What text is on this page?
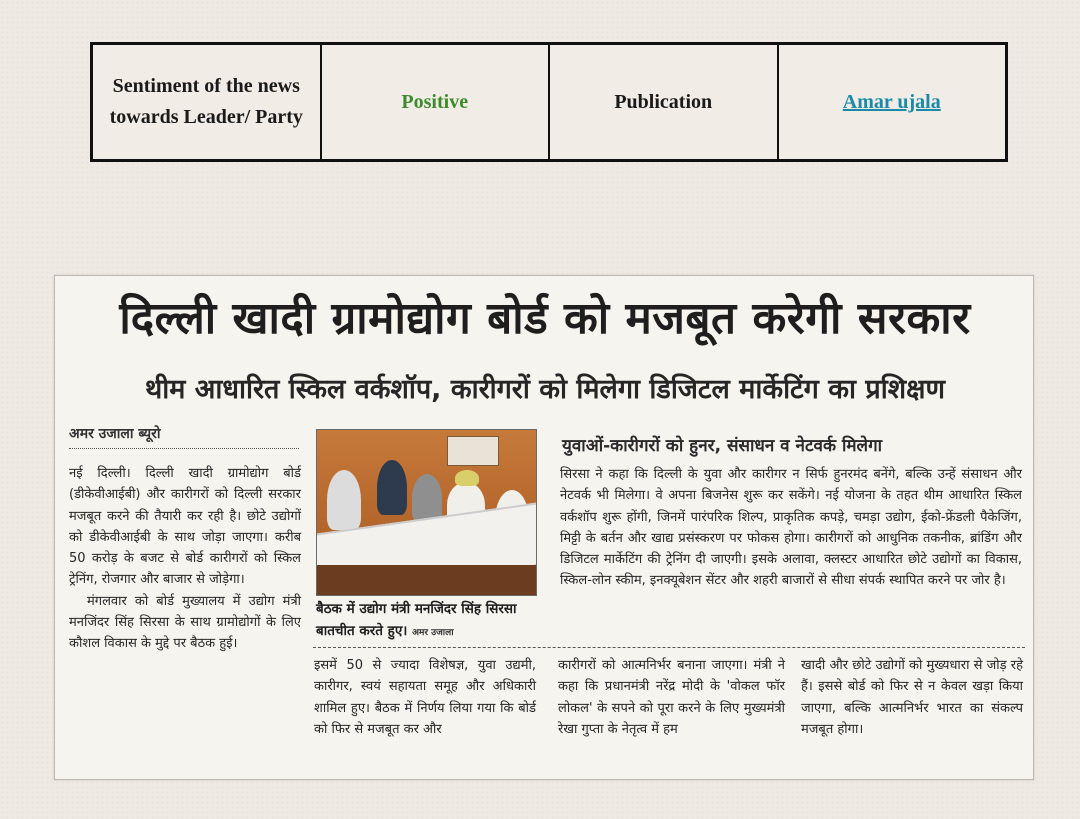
Sentiment of the news towards Leader/ Party
Positive	Publication	Amar ujala
दिल्ली खादी ग्रामोद्योग बोर्ड को मजबूत करेगी सरकार
थीम आधारित स्किल वर्कशॉप, कारीगरों को मिलेगा डिजिटल मार्केटिंग का प्रशिक्षण
अमर उजाला ब्यूरो

नई दिल्ली। दिल्ली खादी ग्रामोद्योग बोर्ड (डीकेवीआईबी) और कारीगरों को दिल्ली सरकार मजबूत करने की तैयारी कर रही है। छोटे उद्योगों को डीकेवीआईबी के साथ जोड़ा जाएगा। करीब 50 करोड़ के बजट से बोर्ड कारीगरों को स्किल ट्रेनिंग, रोजगार और बाजार से जोड़ेगा।

मंगलवार को बोर्ड मुख्यालय में उद्योग मंत्री मनजिंदर सिंह सिरसा के साथ ग्रामोद्योगों के लिए कौशल विकास के मुद्दे पर बैठक हुई।

बैठक में उद्योग मंत्री मनजिंदर सिंह सिरसा बातचीत करते हुए। अमर उजाला
युवाओं-कारीगरों को हुनर, संसाधन व नेटवर्क मिलेगा

सिरसा ने कहा कि दिल्ली के युवा और कारीगर न सिर्फ हुनरमंद बनेंगे, बल्कि उन्हें संसाधन और नेटवर्क भी मिलेगा। वे अपना बिजनेस शुरू कर सकेंगे। नई योजना के तहत थीम आधारित स्किल वर्कशॉप शुरू होंगी, जिनमें पारंपरिक शिल्प, प्राकृतिक कपड़े, चमड़ा उद्योग, ईको-फ्रेंडली पैकेजिंग, मिट्टी के बर्तन और खाद्य प्रसंस्करण पर फोकस होगा। कारीगरों को आधुनिक तकनीक, ब्रांडिंग और डिजिटल मार्केटिंग की ट्रेनिंग दी जाएगी। इसके अलावा, क्लस्टर आधारित छोटे उद्योगों का विकास, स्किल-लोन स्कीम, इनक्यूबेशन सेंटर और शहरी बाजारों से सीधा संपर्क स्थापित करने पर जोर है।

इसमें 50 से ज्यादा विशेषज्ञ, युवा उद्यमी, कारीगर, स्वयं सहायता समूह और अधिकारी शामिल हुए। बैठक में निर्णय लिया गया कि बोर्ड को फिर से मजबूत कर और

कारीगरों को आत्मनिर्भर बनाना जाएगा। मंत्री ने कहा कि प्रधानमंत्री नरेंद्र मोदी के 'वोकल फॉर लोकल' के सपने को पूरा करने के लिए मुख्यमंत्री रेखा गुप्ता के नेतृत्व में हम

खादी और छोटे उद्योगों को मुख्यधारा से जोड़ रहे हैं। इससे बोर्ड को फिर से न केवल खड़ा किया जाएगा, बल्कि आत्मनिर्भर भारत का संकल्प मजबूत होगा।
